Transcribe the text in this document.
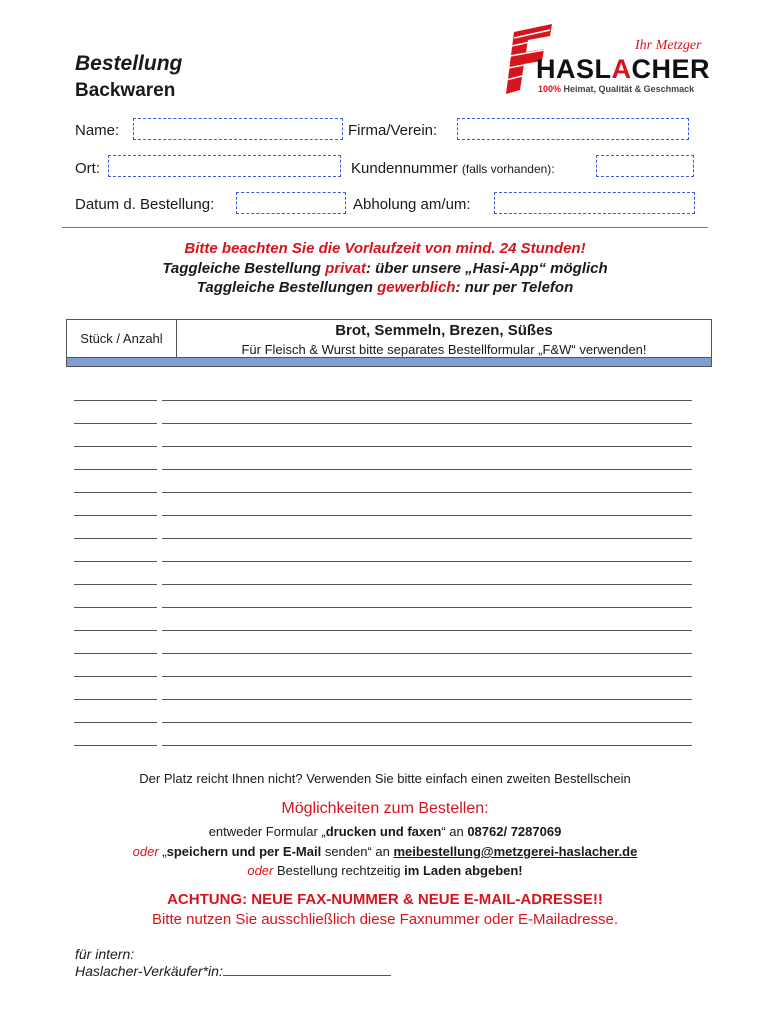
Bestellung
Backwaren
Ihr Metzger
HASLACHER
100% Heimat, Qualität & Geschmack
Name:	Firma/Verein:
Ort:	Kundennummer (falls vorhanden):
Datum d. Bestellung:	Abholung am/um:
Bitte beachten Sie die Vorlaufzeit von mind. 24 Stunden!
Taggleiche Bestellung privat: über unsere „Hasi-App“ möglich
Taggleiche Bestellungen gewerblich: nur per Telefon
Stück / Anzahl	Brot, Semmeln, Brezen, Süßes
Für Fleisch & Wurst bitte separates Bestellformular „F&W“ verwenden!
Der Platz reicht Ihnen nicht? Verwenden Sie bitte einfach einen zweiten Bestellschein
Möglichkeiten zum Bestellen:
entweder Formular „drucken und faxen“ an 08762/ 7287069
oder „speichern und per E-Mail senden“ an meibestellung@metzgerei-haslacher.de
oder Bestellung rechtzeitig im Laden abgeben!
ACHTUNG: NEUE FAX-NUMMER & NEUE E-MAIL-ADRESSE!!
Bitte nutzen Sie ausschließlich diese Faxnummer oder E-Mailadresse.
für intern:
Haslacher-Verkäufer*in:
